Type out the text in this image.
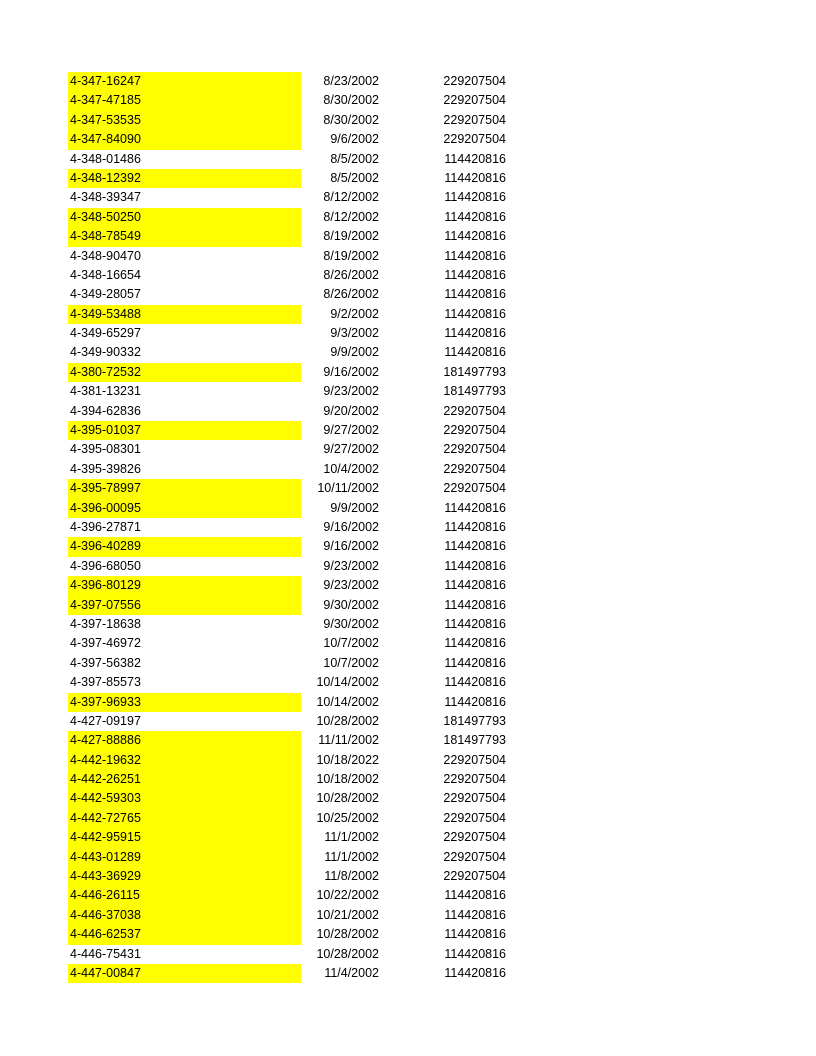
4-347-16247	8/23/2002	229207504
4-347-47185	8/30/2002	229207504
4-347-53535	8/30/2002	229207504
4-347-84090	9/6/2002	229207504
4-348-01486	8/5/2002	114420816
4-348-12392	8/5/2002	114420816
4-348-39347	8/12/2002	114420816
4-348-50250	8/12/2002	114420816
4-348-78549	8/19/2002	114420816
4-348-90470	8/19/2002	114420816
4-348-16654	8/26/2002	114420816
4-349-28057	8/26/2002	114420816
4-349-53488	9/2/2002	114420816
4-349-65297	9/3/2002	114420816
4-349-90332	9/9/2002	114420816
4-380-72532	9/16/2002	181497793
4-381-13231	9/23/2002	181497793
4-394-62836	9/20/2002	229207504
4-395-01037	9/27/2002	229207504
4-395-08301	9/27/2002	229207504
4-395-39826	10/4/2002	229207504
4-395-78997	10/11/2002	229207504
4-396-00095	9/9/2002	114420816
4-396-27871	9/16/2002	114420816
4-396-40289	9/16/2002	114420816
4-396-68050	9/23/2002	114420816
4-396-80129	9/23/2002	114420816
4-397-07556	9/30/2002	114420816
4-397-18638	9/30/2002	114420816
4-397-46972	10/7/2002	114420816
4-397-56382	10/7/2002	114420816
4-397-85573	10/14/2002	114420816
4-397-96933	10/14/2002	114420816
4-427-09197	10/28/2002	181497793
4-427-88886	11/11/2002	181497793
4-442-19632	10/18/2022	229207504
4-442-26251	10/18/2002	229207504
4-442-59303	10/28/2002	229207504
4-442-72765	10/25/2002	229207504
4-442-95915	11/1/2002	229207504
4-443-01289	11/1/2002	229207504
4-443-36929	11/8/2002	229207504
4-446-26115	10/22/2002	114420816
4-446-37038	10/21/2002	114420816
4-446-62537	10/28/2002	114420816
4-446-75431	10/28/2002	114420816
4-447-00847	11/4/2002	114420816
